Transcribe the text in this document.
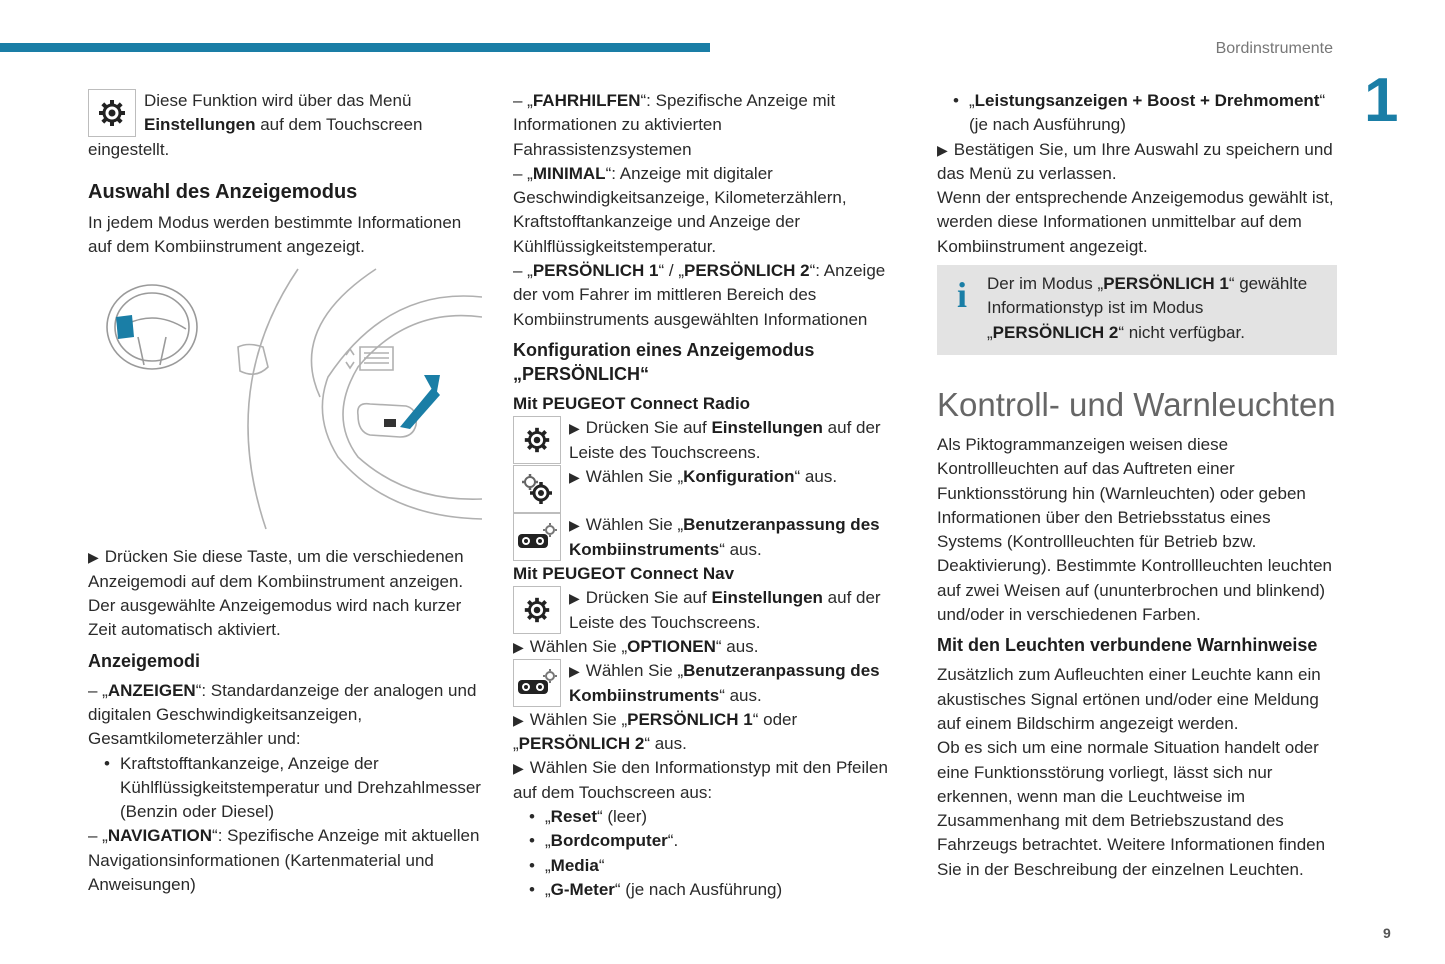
Bordinstrumente
1
9

Diese Funktion wird über das Menü
Einstellungen auf dem Touchscreen
eingestellt.

Auswahl des Anzeigemodus

In jedem Modus werden bestimmte Informationen auf dem Kombiinstrument angezeigt.

▶ Drücken Sie diese Taste, um die verschiedenen Anzeigemodi auf dem Kombiinstrument anzeigen.

Der ausgewählte Anzeigemodus wird nach kurzer Zeit automatisch aktiviert.

Anzeigemodi

– „ANZEIGEN“: Standardanzeige der analogen und digitalen Geschwindigkeitsanzeigen, Gesamtkilometerzähler und:

• Kraftstofftankanzeige, Anzeige der Kühlflüssigkeitstemperatur und Drehzahlmesser (Benzin oder Diesel)

– „NAVIGATION“: Spezifische Anzeige mit aktuellen Navigationsinformationen (Kartenmaterial und Anweisungen)

– „FAHRHILFEN“: Spezifische Anzeige mit Informationen zu aktivierten Fahrassistenzsystemen

– „MINIMAL“: Anzeige mit digitaler Geschwindigkeitsanzeige, Kilometerzählern, Kraftstofftankanzeige und Anzeige der Kühlflüssigkeitstemperatur.

– „PERSÖNLICH 1“ / „PERSÖNLICH 2“: Anzeige der vom Fahrer im mittleren Bereich des Kombiinstruments ausgewählten Informationen

Konfiguration eines Anzeigemodus „PERSÖNLICH“
Mit PEUGEOT Connect Radio

▶ Drücken Sie auf Einstellungen auf der Leiste des Touchscreens.

▶ Wählen Sie „Konfiguration“ aus.

▶ Wählen Sie „Benutzeranpassung des Kombiinstruments“ aus.

Mit PEUGEOT Connect Nav

▶ Drücken Sie auf Einstellungen auf der Leiste des Touchscreens.

▶ Wählen Sie „OPTIONEN“ aus.

▶ Wählen Sie „Benutzeranpassung des Kombiinstruments“ aus.

▶ Wählen Sie „PERSÖNLICH 1“ oder „PERSÖNLICH 2“ aus.

▶ Wählen Sie den Informationstyp mit den Pfeilen auf dem Touchscreen aus:

• „Reset“ (leer)

• „Bordcomputer“.

• „Media“

• „G-Meter“ (je nach Ausführung)

• „Leistungsanzeigen + Boost + Drehmoment“ (je nach Ausführung)

▶ Bestätigen Sie, um Ihre Auswahl zu speichern und das Menü zu verlassen.

Wenn der entsprechende Anzeigemodus gewählt ist, werden diese Informationen unmittelbar auf dem Kombiinstrument angezeigt.

i	Der im Modus „PERSÖNLICH 1“ gewählte Informationstyp ist im Modus „PERSÖNLICH 2“ nicht verfügbar.

Kontroll- und Warnleuchten

Als Piktogrammanzeigen weisen diese Kontrollleuchten auf das Auftreten einer Funktionsstörung hin (Warnleuchten) oder geben Informationen über den Betriebsstatus eines Systems (Kontrollleuchten für Betrieb bzw. Deaktivierung). Bestimmte Kontrollleuchten leuchten auf zwei Weisen auf (ununterbrochen und blinkend) und/oder in verschiedenen Farben.

Mit den Leuchten verbundene Warnhinweise

Zusätzlich zum Aufleuchten einer Leuchte kann ein akustisches Signal ertönen und/oder eine Meldung auf einem Bildschirm angezeigt werden.

Ob es sich um eine normale Situation handelt oder eine Funktionsstörung vorliegt, lässt sich nur erkennen, wenn man die Leuchtweise im Zusammenhang mit dem Betriebszustand des Fahrzeugs betrachtet. Weitere Informationen finden Sie in der Beschreibung der einzelnen Leuchten.
